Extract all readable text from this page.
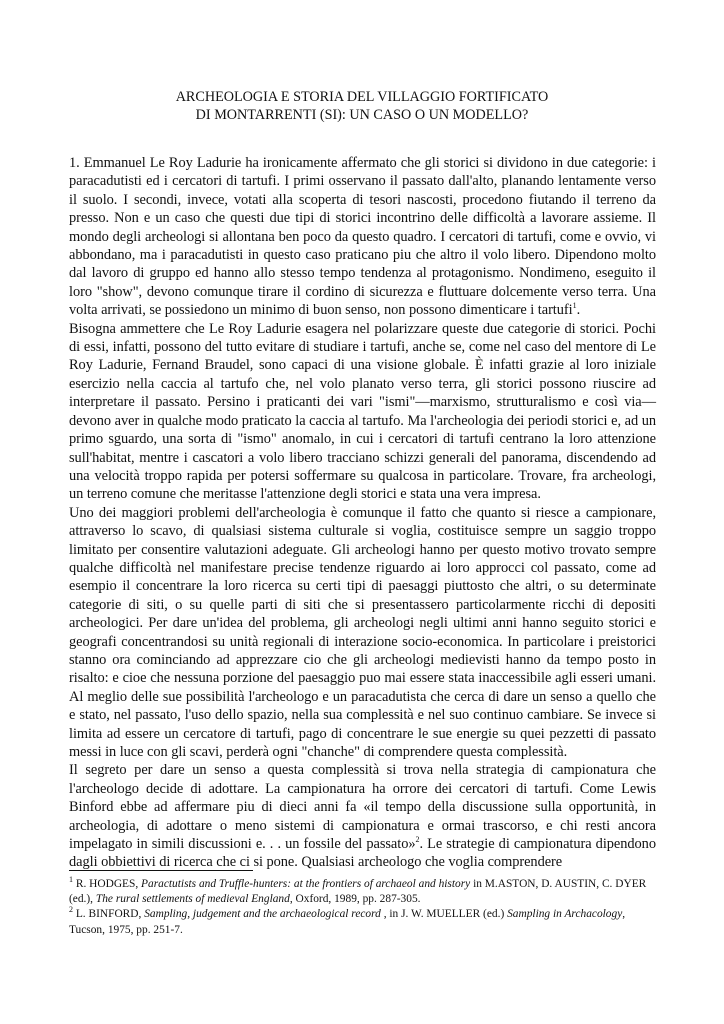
ARCHEOLOGIA E STORIA DEL VILLAGGIO FORTIFICATO
DI MONTARRENTI (SI): UN CASO O UN MODELLO?

1. Emmanuel Le Roy Ladurie ha ironicamente affermato che gli storici si dividono in due categorie: i paracadutisti ed i cercatori di tartufi. I primi osservano il passato dall'alto, planando lentamente verso il suolo. I secondi, invece, votati alla scoperta di tesori nascosti, procedono fiutando il terreno da presso. Non e un caso che questi due tipi di storici incontrino delle difficoltà a lavorare assieme. Il mondo degli archeologi si allontana ben poco da questo quadro. I cercatori di tartufi, come e ovvio, vi abbondano, ma i paracadutisti in questo caso praticano piu che altro il volo libero. Dipendono molto dal lavoro di gruppo ed hanno allo stesso tempo tendenza al protagonismo. Nondimeno, eseguito il loro "show", devono comunque tirare il cordino di sicurezza e fluttuare dolcemente verso terra. Una volta arrivati, se possiedono un minimo di buon senso, non possono dimenticare i tartufi$^1$.

Bisogna ammettere che Le Roy Ladurie esagera nel polarizzare queste due categorie di storici. Pochi di essi, infatti, possono del tutto evitare di studiare i tartufi, anche se, come nel caso del mentore di Le Roy Ladurie, Fernand Braudel, sono capaci di una visione globale. È infatti grazie al loro iniziale esercizio nella caccia al tartufo che, nel volo planato verso terra, gli storici possono riuscire ad interpretare il passato. Persino i praticanti dei vari "ismi"—marxismo, strutturalismo e così via—devono aver in qualche modo praticato la caccia al tartufo. Ma l'archeologia dei periodi storici e, ad un primo sguardo, una sorta di "ismo" anomalo, in cui i cercatori di tartufi centrano la loro attenzione sull'habitat, mentre i cascatori a volo libero tracciano schizzi generali del panorama, discendendo ad una velocità troppo rapida per potersi soffermare su qualcosa in particolare. Trovare, fra archeologi, un terreno comune che meritasse l'attenzione degli storici e stata una vera impresa.

Uno dei maggiori problemi dell'archeologia è comunque il fatto che quanto si riesce a campionare, attraverso lo scavo, di qualsiasi sistema culturale si voglia, costituisce sempre un saggio troppo limitato per consentire valutazioni adeguate. Gli archeologi hanno per questo motivo trovato sempre qualche difficoltà nel manifestare precise tendenze riguardo ai loro approcci col passato, come ad esempio il concentrare la loro ricerca su certi tipi di paesaggi piuttosto che altri, o su determinate categorie di siti, o su quelle parti di siti che si presentassero particolarmente ricchi di depositi archeologici. Per dare un'idea del problema, gli archeologi negli ultimi anni hanno seguito storici e geografi concentrandosi su unità regionali di interazione socio-economica. In particolare i preistorici stanno ora cominciando ad apprezzare cio che gli archeologi medievisti hanno da tempo posto in risalto: e cioe che nessuna porzione del paesaggio puo mai essere stata inaccessibile agli esseri umani. Al meglio delle sue possibilità l'archeologo e un paracadutista che cerca di dare un senso a quello che e stato, nel passato, l'uso dello spazio, nella sua complessità e nel suo continuo cambiare. Se invece si limita ad essere un cercatore di tartufi, pago di concentrare le sue energie su quei pezzetti di passato messi in luce con gli scavi, perderà ogni "chanche" di comprendere questa complessità.

Il segreto per dare un senso a questa complessità si trova nella strategia di campionatura che l'archeologo decide di adottare. La campionatura ha orrore dei cercatori di tartufi. Come Lewis Binford ebbe ad affermare piu di dieci anni fa «il tempo della discussione sulla opportunità, in archeologia, di adottare o meno sistemi di campionatura e ormai trascorso, e chi resti ancora impelagato in simili discussioni e. . . un fossile del passato»$^2$. Le strategie di campionatura dipendono dagli obbiettivi di ricerca che ci si pone. Qualsiasi archeologo che voglia comprendere

$^1$ R. HODGES, Paractutists and Truffle-hunters: at the frontiers of archaeol and history in M.ASTON, D. AUSTIN, C. DYER (ed.), The rural settlements of medieval England, Oxford, 1989, pp. 287-305.

$^2$ L. BINFORD, Sampling, judgement and the archaeological record , in J. W. MUELLER (ed.) Sampling in Archacology, Tucson, 1975, pp. 251-7.
